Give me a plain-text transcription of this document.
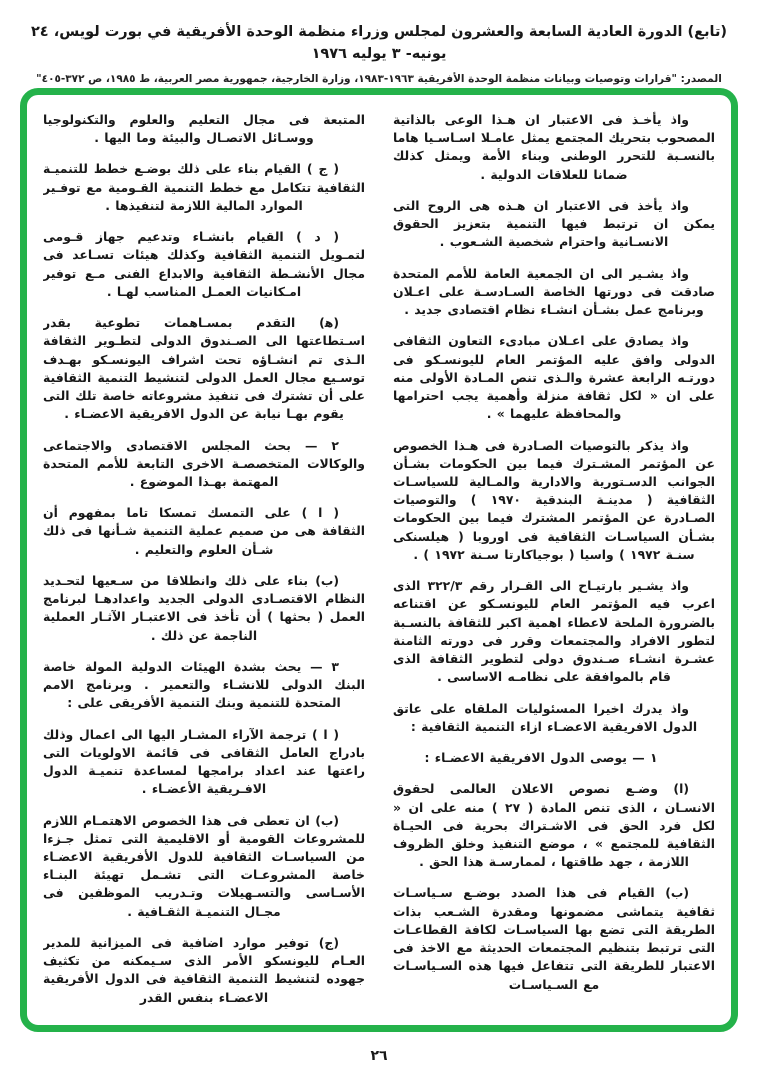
(تابع) الدورة العادية السابعة والعشرون لمجلس وزراء منظمة الوحدة الأفريقية في بورت لويس، ٢٤ يونيه- ٣ يوليه ١٩٧٦
المصدر: "قرارات وتوصيات وبيانات منظمة الوحدة الأفريقية ١٩٦٣-١٩٨٣، وزارة الخارجية، جمهورية مصر العربية، ط ١٩٨٥، ص ٣٧٢-٤٠٥"

واذ يأخـذ فى الاعتبار ان هـذا الوعى بالذاتية المصحوب بتحريك المجتمع يمثل عامـلا اسـاسـيا هاما بالنسـبة للتحرر الوطنى وبناء الأمة ويمثل كذلك ضمانا للعلاقات الدولية .

واذ يأخذ فى الاعتبار ان هـذه هى الروح التى يمكن ان ترتبط فيها التنمية بتعزيز الحقوق الانسـانية واحترام شخصية الشـعوب .

واذ يشـير الى ان الجمعية العامة للأمم المتحدة صادقت فى دورتها الخاصة السـادسـة على اعـلان وبرنامج عمل بشـأن انشـاء نظام اقتصادى جديد .

واذ يصادق على اعـلان مبادىء التعاون الثقافى الدولى وافق عليه المؤتمر العام لليونسـكو فى دورتـه الرابعة عشرة والـذى تنص المـادة الأولى منه على ان « لكل ثقافة منزلة وأهمية يجب احترامها والمحافظة عليهما » .

واذ يذكر بالتوصيات الصـادرة فى هـذا الخصوص عن المؤتمر المشـترك فيما بين الحكومات بشـأن الجوانب الدسـتورية والادارية والمـالية للسياسـات الثقافية ( مدينـة البندقية ١٩٧٠ ) والتوصيات الصـادرة عن المؤتمر المشترك فيما بين الحكومات بشـأن السياسـات الثقافية فى اوروبا ( هيلسنكى سنـة ١٩٧٢ ) واسيا ( بوجياكارتا سـنة ١٩٧٢ ) .

واذ يشـير بارتيـاح الى القـرار رقم ٣٢٢/٣ الذى اعرب فيه المؤتمر العام لليونسـكو عن اقتناعه بالضرورة الملحة لاعطاء اهمية اكبر للثقافة بالنسـبة لتطور الافراد والمجتمعات وقرر فى دورته الثامنة عشـرة انشـاء صـندوق دولى لتطوير الثقافة الذى قام بالموافقة على نظامـه الاساسى .

واذ يدرك اخيرا المسئوليات الملقاه على عاتق الدول الافريقية الاعضـاء ازاء التنمية الثقافية :

١ — يوصى الدول الافريقية الاعضـاء :

(ا) وضـع نصوص الاعلان العالمى لحقوق الانسـان ، الذى تنص المادة ( ٢٧ ) منه على ان « لكل فرد الحق فى الاشـتراك بحرية فى الحيـاة الثقافية للمجتمع » ، موضع التنفيذ وخلق الظروف اللازمة ، جهد طاقتها ، لممارسـة هذا الحق .

(ب) القيام فى هذا الصدد بوضـع سـياسـات ثقافية يتماشى مضمونها ومقدرة الشـعب بذات الطريقة التى تضع بها السياسـات لكافة القطاعـات التى ترتبط بتنظيم المجتمعات الحديثة مع الاخذ فى الاعتبار للطريقة التى تتفاعل فيها هذه السـياسـات مع السـياسـات

المتبعة فى مجال التعليم والعلوم والتكنولوجيا ووسـائل الاتصـال والبيئة وما اليها .

( ج ) القيام بناء على ذلك بوضـع خطط للتنميـة الثقافية تتكامل مع خطط التنمية القـومية مع توفـير الموارد المالية اللازمة لتنفيذها .

( د ) القيام بانشـاء وتدعيم جهاز قـومى لتمـويل التنمية الثقافية وكذلك هيئات تسـاعد فى مجال الأنشـطة الثقافية والابداع الفنى مـع توفير امـكانيات العمـل المناسب لهـا .

(ﻫ) التقدم بمسـاهمات تطوعية بقدر اسـتطاعتها الى الصـندوق الدولى لتطـوير الثقافة الـذى تم انشـاؤه تحت اشراف اليونسـكو بهـدف توسـيع مجال العمل الدولى لتنشيط التنمية الثقافية على أن تشترك فى تنفيذ مشروعاته خاصة تلك التى يقوم بهـا نيابة عن الدول الافريقية الاعضـاء .

٢ — بحث المجلس الاقتصادى والاجتماعى والوكالات المتخصصـة الاخرى التابعة للأمم المتحدة المهتمة بهـذا الموضوع .

( ا ) على التمسك تمسكا تاما بمفهوم أن الثقافة هى من صميم عملية التنمية شـأنها فى ذلك شـأن العلوم والتعليم .

(ب) بناء على ذلك وانطلاقا من سـعيها لتحـديد النظام الاقتصـادى الدولى الجديد واعدادهـا لبرنامج العمل ( بحثها ) أن تأخذ فى الاعتبـار الآثـار العملية الناجمة عن ذلك .

٣ — يحث بشدة الهيئات الدولية المولة خاصة البنك الدولى للانشـاء والتعمير . وبرنامج الامم المتحدة للتنمية وبنك التنمية الأفريقى على :

( ا ) ترجمة الآراء المشـار اليها الى اعمال وذلك بادراج العامل الثقافى فى قائمة الاولويات التى راعتها عند اعداد برامجها لمساعدة تنميـة الدول الافـريقية الأعضـاء .

(ب) ان تعطى فى هذا الخصوص الاهتمـام اللازم للمشروعات القومية أو الاقليمية التى تمثل جـزءا من السياسـات الثقافية للدول الأفريقية الاعضـاء خاصة المشروعـات التى تشـمل تهيئة البنـاء الأسـاسى والتسـهيلات وتـدريب الموظفين فى مجـال التنميـة الثقـافية .

(ج) توفير موارد اضافية فى الميزانية للمدير العـام لليونسكو الأمر الذى سـيمكنه من تكثيف جهوده لتنشيط التنمية الثقافية فى الدول الأفريقية الاعضـاء بنفس القدر

٢٦
